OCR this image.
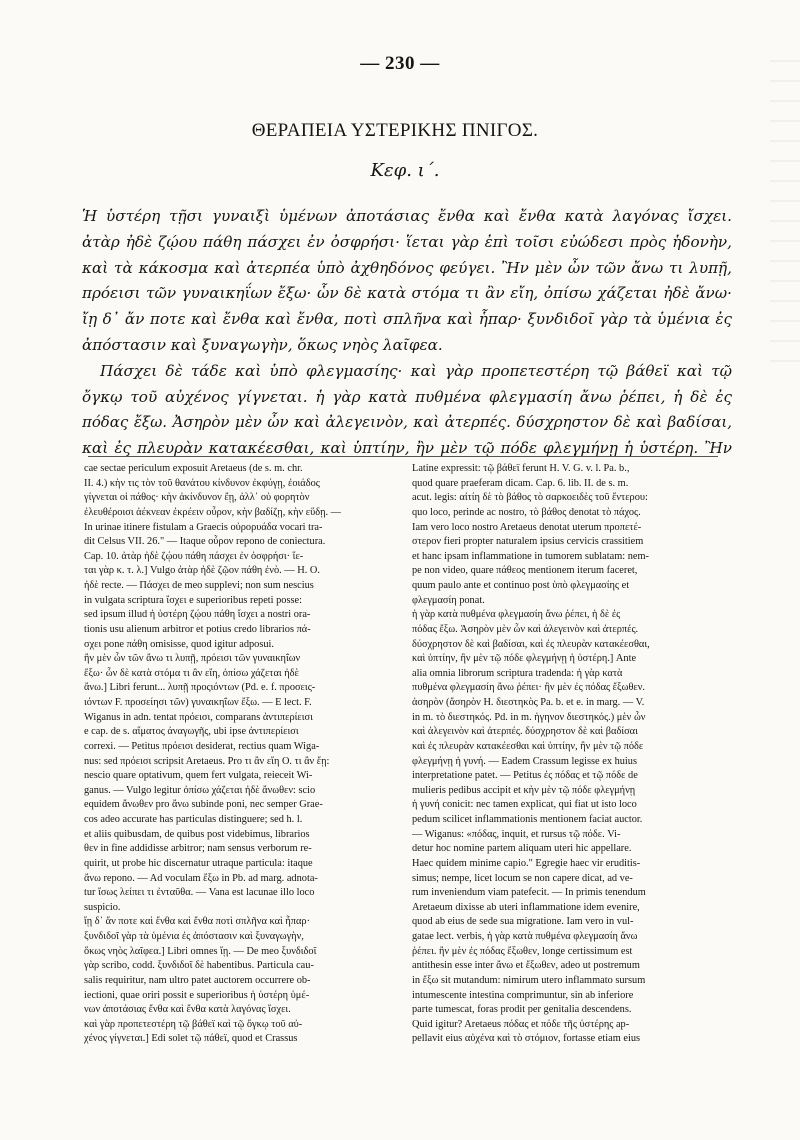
— 230 —
ΘΕΡΑΠΕΙΑ ΥΣΤΕΡΙΚΗΣ ΠΝΙΓΟΣ.
Κεφ. ι΄.
Ἡ ὑστέρη τῇσι γυναιξὶ ὑμένων ἀποτάσιας ἔνθα καὶ ἔνθα κατὰ λαγόνας ἴσχει.
ἀτὰρ ἠδὲ ζῴου πάθη πάσχει ἐν ὀσφρήσι· ἵεται γὰρ ἐπὶ τοῖσι εὐώδεσι πρὸς ἡδονὴν,
καὶ τὰ κάκοσμα καὶ ἀτερπέα ὑπὸ ἀχθηδόνος φεύγει. Ἢν μὲν ὦν τῶν ἄνω τι λυπῇ,
πρόεισι τῶν γυναικηΐων ἔξω· ὧν δὲ κατὰ στόμα τι ἂν εἴη, ὀπίσω χάζεται ἠδὲ ἄνω·
ἴῃ δ᾽ ἄν ποτε καὶ ἔνθα καὶ ἔνθα, ποτὶ σπλῆνα καὶ ἧπαρ· ξυνδιδοῖ γὰρ τὰ ὑμένια ἐς
ἀπόστασιν καὶ ξυναγωγὴν, ὅκως νηὸς λαῖφεα.
Πάσχει δὲ τάδε καὶ ὑπὸ φλεγμασίης· καὶ γὰρ προπετεστέρη τῷ βάθεϊ καὶ τῷ
ὄγκῳ τοῦ αὐχένος γίγνεται. ἡ γὰρ κατὰ πυθμένα φλεγμασίη ἄνω ῥέπει, ἡ δὲ ἐς
πόδας ἔξω. Ἀσηρὸν μὲν ὦν καὶ ἀλεγεινὸν, καὶ ἀτερπές. δύσχρηστον δὲ καὶ βαδίσαι,
καὶ ἐς πλευρὰν κατακέεσθαι, καὶ ὑπτίην, ἢν μὲν τῷ πόδε φλεγμήνῃ ἡ ὑστέρη. Ἢν
cae sectae periculum exposuit Aretaeus (de s. m. chr.
II. 4.) κὴν τις τὸν τοῦ θανάτου κίνδυνον ἐκφύγῃ, ἐοιάδος
γίγνεται οἱ πάθος· κὴν ἀκίνδυνον ἔῃ, ἀλλ᾽ οὐ φορητὸν
ἐλευθέροισι ἀέκνεαν ἐκρέειν οὖρον, κὴν βαδίζῃ, κὴν εὕδῃ. —
In urinae itinere fistulam a Graecis οὐρορυάδα vocari tra-
dit Celsus VII. 26." — Itaque οὖρον repono de coniectura.
Cap. 10. ἀτὰρ ἠδὲ ζῴου πάθη πάσχει ἐν ὀσφρήσι· ἵε-
ται γὰρ κ. τ. λ.] Vulgo ἀτὰρ ἠδὲ ζῷον πάθη ἐνὸ. — H. O.
ἠδὲ recte. — Πάσχει de meo supplevi; non sum nescius
in vulgata scriptura ἴσχει e superioribus repeti posse:
sed ipsum illud ἡ ὑστέρη ζῴου πάθη ἴσχει a nostri ora-
tionis usu alienum arbitror et potius credo librarios πά-
σχει pone πάθη omisisse, quod igitur adposui.
ἢν μὲν ὦν τῶν ἄνω τι λυπῇ, πρόεισι τῶν γυναικηΐων
ἔξω· ὧν δὲ κατὰ στόμα τι ἂν εἴη, ὀπίσω χάζεται ἠδὲ
ἄνω.] Libri ferunt... λυπῇ προςιόντων (Pd. e. f. προσεις-
ιόντων F. προσείησι τῶν) γυναικηΐων ἔξω. — E lect. F.
Wiganus in adn. tentat πρόεισι, comparans ἀντιπερίεισι
e cap. de s. αἵματος ἀναγωγῆς, ubi ipse ἀντιπερίεισι
correxi. — Petitus πρόεισι desiderat, rectius quam Wiga-
nus: sed πρόεισι scripsit Aretaeus. Pro τι ἂν εἴη O. τι ἂν ἔῃ:
nescio quare optativum, quem fert vulgata, reieceit Wi-
ganus. — Vulgo legitur ὀπίσω χάζεται ἠδὲ ἄνωθεν: scio
equidem ἄνωθεν pro ἄνω subinde poni, nec semper Grae-
cos adeo accurate has particulas distinguere; sed h. l.
et aliis quibusdam, de quibus post videbimus, librarios
θεν in fine addidisse arbitror; nam sensus verborum re-
quirit, ut probe hic discernatur utraque particula: itaque
ἄνω repono. — Ad voculam ἔξω in Pb. ad marg. adnota-
tur ἴσως λείπει τι ἐνταῦθα. — Vana est lacunae illo loco
suspicio.
ἴῃ δ᾽ ἄν ποτε καὶ ἔνθα καὶ ἔνθα ποτὶ σπλῆνα καὶ ἧπαρ·
ξυνδιδοῖ γὰρ τὰ ὑμένια ἐς ἀπόστασιν καὶ ξυναγωγὴν,
ὅκως νηὸς λαῖφεα.] Libri omnes ἴῃ. — De meo ξυνδιδοῖ
γὰρ scribo, codd. ξυνδιδοῖ δὲ habentibus. Particula cau-
salis requiritur, nam ultro patet auctorem occurrere ob-
iectioni, quae oriri possit e superioribus ἡ ὑστέρη ὑμέ-
νων ἀποτάσιας ἔνθα καὶ ἔνθα κατὰ λαγόνας ἴσχει.
καὶ γὰρ προπετεστέρη τῷ βάθεϊ καὶ τῷ ὄγκῳ τοῦ αὐ-
χένος γίγνεται.] Edi solet τῷ πάθεϊ, quod et Crassus
Latine expressit: τῷ βάθεϊ ferunt H. V. G. v. l. Pa. b.,
quod quare praeferam dicam. Cap. 6. lib. II. de s. m.
acut. legis: αἰτίη δὲ τὸ βάθος τὸ σαρκοειδὲς τοῦ ἔντερου:
quo loco, perinde ac nostro, τὸ βάθος denotat τὸ πάχος.
Iam vero loco nostro Aretaeus denotat uterum προπετέ-
στερον fieri propter naturalem ipsius cervicis crassitiem
et hanc ipsam inflammatione in tumorem sublatam: nem-
pe non video, quare πάθεος mentionem iterum faceret,
quum paulo ante et continuo post ὑπὸ φλεγμασίης et
φλεγμασίη ponat.
ἡ γὰρ κατὰ πυθμένα φλεγμασίη ἄνω ῥέπει, ἡ δὲ ἐς
πόδας ἔξω. Ἀσηρὸν μὲν ὦν καὶ ἀλεγεινὸν καὶ ἀτερπές.
δύσχρηστον δὲ καὶ βαδίσαι, καὶ ἐς πλευρὰν κατακέεσθαι,
καὶ ὑπτίην, ἢν μὲν τῷ πόδε φλεγμήνῃ ἡ ὑστέρη.] Ante
alia omnia librorum scriptura tradenda: ἡ γὰρ κατὰ
πυθμένα φλεγμασίη ἄνω ῥέπει· ἢν μὲν ἐς πόδας ἔξωθεν.
ἀσηρὸν (ἄσηρὸν H. διεστηκὸς Pa. b. et e. in marg. — V.
in m. τὸ διεστηκός. Pd. in m. ἡγηνον διεστηκός.) μὲν ὦν
καὶ ἀλεγεινὸν καὶ ἀτερπές. δύσχρηστον δὲ καὶ βαδίσαι
καὶ ἐς πλευρὰν κατακέεσθαι καὶ ὑπτίην, ἢν μὲν τῷ πόδε
φλεγμήνῃ ἡ γυνή. — Eadem Crassum legisse ex huius
interpretatione patet. — Petitus ἐς πόδας et τῷ πόδε de
mulieris pedibus accipit et κὴν μὲν τῷ πόδε φλεγμήνῃ
ἡ γυνή conicit: nec tamen explicat, qui fiat ut isto loco
pedum scilicet inflammationis mentionem faciat auctor.
— Wiganus: «πόδας, inquit, et rursus τῷ πόδε. Vi-
detur hoc nomine partem aliquam uteri hic appellare.
Haec quidem minime capio." Egregie haec vir eruditis-
simus; nempe, licet locum se non capere dicat, ad ve-
rum inveniendum viam patefecit. — In primis tenendum
Aretaeum dixisse ab uteri inflammatione idem evenire,
quod ab eius de sede sua migratione. Iam vero in vul-
gatae lect. verbis, ἡ γὰρ κατὰ πυθμένα φλεγμασίη ἄνω
ῥέπει. ἢν μὲν ἐς πόδας ἔξωθεν, longe certissimum est
antithesin esse inter ἄνω et ἔξωθεν, adeo ut postremum
in ἔξω sit mutandum: nimirum utero inflammato sursum
intumescente intestina comprimuntur, sin ab inferiore
parte tumescat, foras prodit per genitalia descendens.
Quid igitur? Aretaeus πόδας et πόδε τῆς ὑστέρης ap-
pellavit eius αὐχένα καὶ τὸ στόμιον, fortasse etiam eius
